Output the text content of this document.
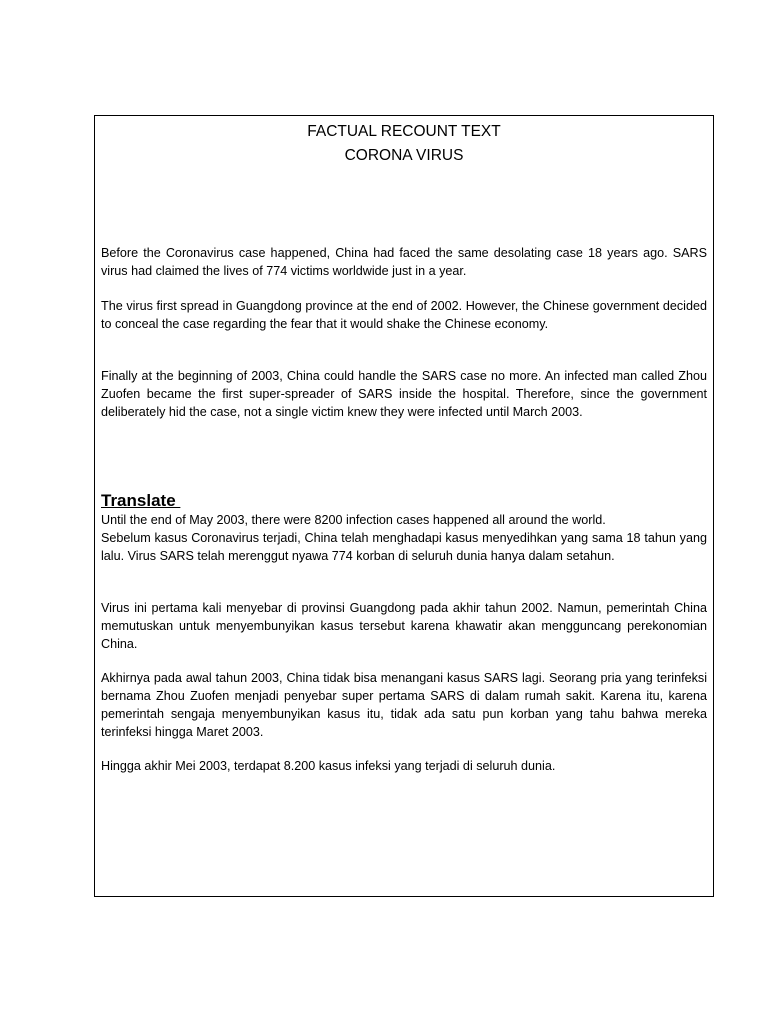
FACTUAL RECOUNT TEXT
CORONA VIRUS
Before the Coronavirus case happened, China had faced the same desolating case 18 years ago. SARS virus had claimed the lives of 774 victims worldwide just in a year.
The virus first spread in Guangdong province at the end of 2002. However, the Chinese government decided to conceal the case regarding the fear that it would shake the Chinese economy.
Finally at the beginning of 2003, China could handle the SARS case no more. An infected man called Zhou Zuofen became the first super-spreader of SARS inside the hospital. Therefore, since the government deliberately hid the case, not a single victim knew they were infected until March 2003.
Translate
Until the end of May 2003, there were 8200 infection cases happened all around the world.
Sebelum kasus Coronavirus terjadi, China telah menghadapi kasus menyedihkan yang sama 18 tahun yang lalu. Virus SARS telah merenggut nyawa 774 korban di seluruh dunia hanya dalam setahun.
Virus ini pertama kali menyebar di provinsi Guangdong pada akhir tahun 2002. Namun, pemerintah China memutuskan untuk menyembunyikan kasus tersebut karena khawatir akan mengguncang perekonomian China.
Akhirnya pada awal tahun 2003, China tidak bisa menangani kasus SARS lagi. Seorang pria yang terinfeksi bernama Zhou Zuofen menjadi penyebar super pertama SARS di dalam rumah sakit. Karena itu, karena pemerintah sengaja menyembunyikan kasus itu, tidak ada satu pun korban yang tahu bahwa mereka terinfeksi hingga Maret 2003.
Hingga akhir Mei 2003, terdapat 8.200 kasus infeksi yang terjadi di seluruh dunia.
